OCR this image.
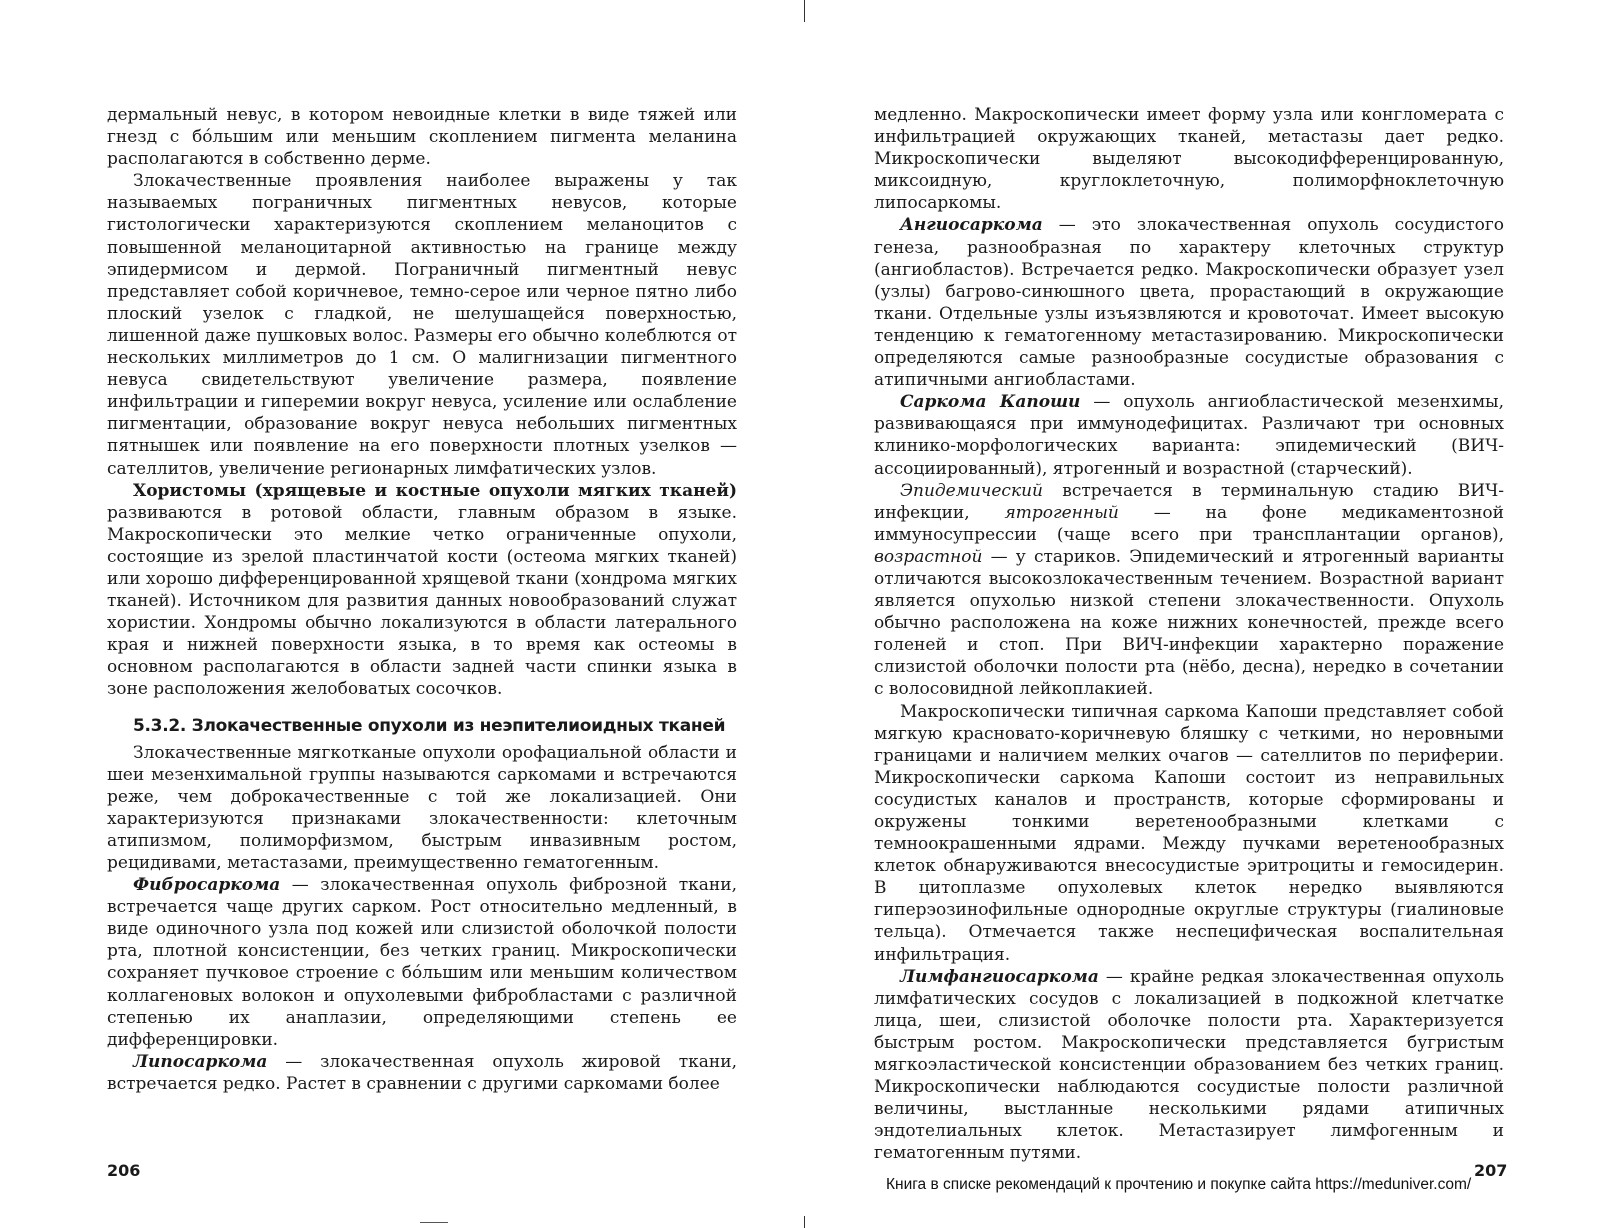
дермальный невус, в котором невоидные клетки в виде тяжей или гнезд с бóльшим или меньшим скоплением пигмента меланина располагаются в собственно дерме.

Злокачественные проявления наиболее выражены у так называемых пограничных пигментных невусов, которые гистологически характеризуются скоплением меланоцитов с повышенной меланоцитарной активностью на границе между эпидермисом и дермой. Пограничный пигментный невус представляет собой коричневое, темно-серое или черное пятно либо плоский узелок с гладкой, не шелушащейся поверхностью, лишенной даже пушковых волос. Размеры его обычно колеблются от нескольких миллиметров до 1 см. О малигнизации пигментного невуса свидетельствуют увеличение размера, появление инфильтрации и гиперемии вокруг невуса, усиление или ослабление пигментации, образование вокруг невуса небольших пигментных пятнышек или появление на его поверхности плотных узелков — сателлитов, увеличение регионарных лимфатических узлов.

Хористомы (хрящевые и костные опухоли мягких тканей) развиваются в ротовой области, главным образом в языке. Макроскопически это мелкие четко ограниченные опухоли, состоящие из зрелой пластинчатой кости (остеома мягких тканей) или хорошо дифференцированной хрящевой ткани (хондрома мягких тканей). Источником для развития данных новообразований служат хористии. Хондромы обычно локализуются в области латерального края и нижней поверхности языка, в то время как остеомы в основном располагаются в области задней части спинки языка в зоне расположения желобоватых сосочков.

5.3.2. Злокачественные опухоли из неэпителиоидных тканей

Злокачественные мягкотканые опухоли орофациальной области и шеи мезенхимальной группы называются саркомами и встречаются реже, чем доброкачественные с той же локализацией. Они характеризуются признаками злокачественности: клеточным атипизмом, полиморфизмом, быстрым инвазивным ростом, рецидивами, метастазами, преимущественно гематогенным.

Фибросаркома — злокачественная опухоль фиброзной ткани, встречается чаще других сарком. Рост относительно медленный, в виде одиночного узла под кожей или слизистой оболочкой полости рта, плотной консистенции, без четких границ. Микроскопически сохраняет пучковое строение с бóльшим или меньшим количеством коллагеновых волокон и опухолевыми фибробластами с различной степенью их анаплазии, определяющими степень ее дифференцировки.

Липосаркома — злокачественная опухоль жировой ткани, встречается редко. Растет в сравнении с другими саркомами более

медленно. Макроскопически имеет форму узла или конгломерата с инфильтрацией окружающих тканей, метастазы дает редко. Микроскопически выделяют высокодифференцированную, миксоидную, круглоклеточную, полиморфноклеточную липосаркомы.

Ангиосаркома — это злокачественная опухоль сосудистого генеза, разнообразная по характеру клеточных структур (ангиобластов). Встречается редко. Макроскопически образует узел (узлы) багрово-синюшного цвета, прорастающий в окружающие ткани. Отдельные узлы изъязвляются и кровоточат. Имеет высокую тенденцию к гематогенному метастазированию. Микроскопически определяются самые разнообразные сосудистые образования с атипичными ангиобластами.

Саркома Капоши — опухоль ангиобластической мезенхимы, развивающаяся при иммунодефицитах. Различают три основных клинико-морфологических варианта: эпидемический (ВИЧ-ассоциированный), ятрогенный и возрастной (старческий).

Эпидемический встречается в терминальную стадию ВИЧ-инфекции, ятрогенный — на фоне медикаментозной иммуносупрессии (чаще всего при трансплантации органов), возрастной — у стариков. Эпидемический и ятрогенный варианты отличаются высокозлокачественным течением. Возрастной вариант является опухолью низкой степени злокачественности. Опухоль обычно расположена на коже нижних конечностей, прежде всего голеней и стоп. При ВИЧ-инфекции характерно поражение слизистой оболочки полости рта (нёбо, десна), нередко в сочетании с волосовидной лейкоплакией.

Макроскопически типичная саркома Капоши представляет собой мягкую красновато-коричневую бляшку с четкими, но неровными границами и наличием мелких очагов — сателлитов по периферии. Микроскопически саркома Капоши состоит из неправильных сосудистых каналов и пространств, которые сформированы и окружены тонкими веретенообразными клетками с темноокрашенными ядрами. Между пучками веретенообразных клеток обнаруживаются внесосудистые эритроциты и гемосидерин. В цитоплазме опухолевых клеток нередко выявляются гиперэозинофильные однородные округлые структуры (гиалиновые тельца). Отмечается также неспецифическая воспалительная инфильтрация.

Лимфангиосаркома — крайне редкая злокачественная опухоль лимфатических сосудов с локализацией в подкожной клетчатке лица, шеи, слизистой оболочке полости рта. Характеризуется быстрым ростом. Макроскопически представляется бугристым мягкоэластической консистенции образованием без четких границ. Микроскопически наблюдаются сосудистые полости различной величины, выстланные несколькими рядами атипичных эндотелиальных клеток. Метастазирует лимфогенным и гематогенным путями.

206	207
Книга в списке рекомендаций к прочтению и покупке сайта https://meduniver.com/
